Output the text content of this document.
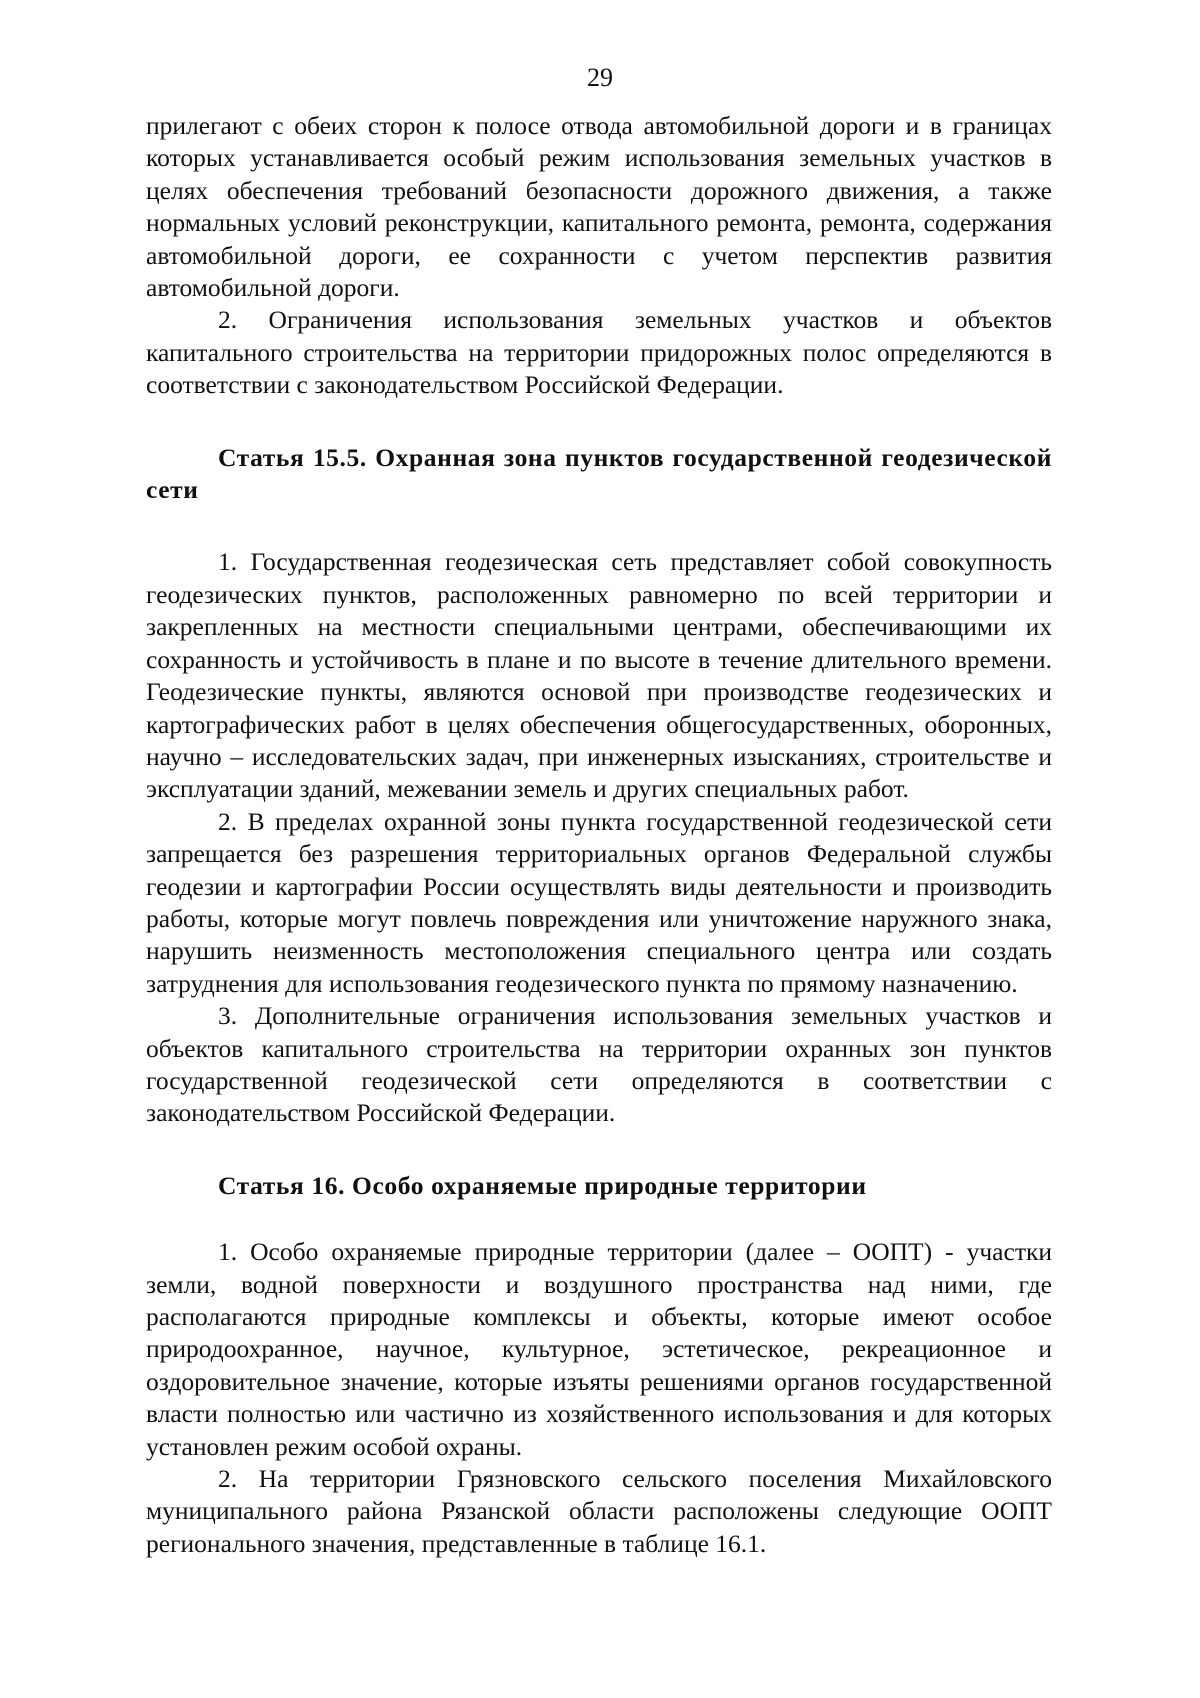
29

прилегают с обеих сторон к полосе отвода автомобильной дороги и в границах которых устанавливается особый режим использования земельных участков в целях обеспечения требований безопасности дорожного движения, а также нормальных условий реконструкции, капитального ремонта, ремонта, содержания автомобильной дороги, ее сохранности с учетом перспектив развития автомобильной дороги.

2. Ограничения использования земельных участков и объектов капитального строительства на территории придорожных полос определяются в соответствии с законодательством Российской Федерации.

Статья 15.5. Охранная зона пунктов государственной геодезической сети

1. Государственная геодезическая сеть представляет собой совокупность геодезических пунктов, расположенных равномерно по всей территории и закрепленных на местности специальными центрами, обеспечивающими их сохранность и устойчивость в плане и по высоте в течение длительного времени. Геодезические пункты, являются основой при производстве геодезических и картографических работ в целях обеспечения общегосударственных, оборонных, научно – исследовательских задач, при инженерных изысканиях, строительстве и эксплуатации зданий, межевании земель и других специальных работ.

2. В пределах охранной зоны пункта государственной геодезической сети запрещается без разрешения территориальных органов Федеральной службы геодезии и картографии России осуществлять виды деятельности и производить работы, которые могут повлечь повреждения или уничтожение наружного знака, нарушить неизменность местоположения специального центра или создать затруднения для использования геодезического пункта по прямому назначению.

3. Дополнительные ограничения использования земельных участков и объектов капитального строительства на территории охранных зон пунктов государственной геодезической сети определяются в соответствии с законодательством Российской Федерации.

Статья 16. Особо охраняемые природные территории

1. Особо охраняемые природные территории (далее – ООПТ) - участки земли, водной поверхности и воздушного пространства над ними, где располагаются природные комплексы и объекты, которые имеют особое природоохранное, научное, культурное, эстетическое, рекреационное и оздоровительное значение, которые изъяты решениями органов государственной власти полностью или частично из хозяйственного использования и для которых установлен режим особой охраны.

2. На территории Грязновского сельского поселения Михайловского муниципального района Рязанской области расположены следующие ООПТ регионального значения, представленные в таблице 16.1.
